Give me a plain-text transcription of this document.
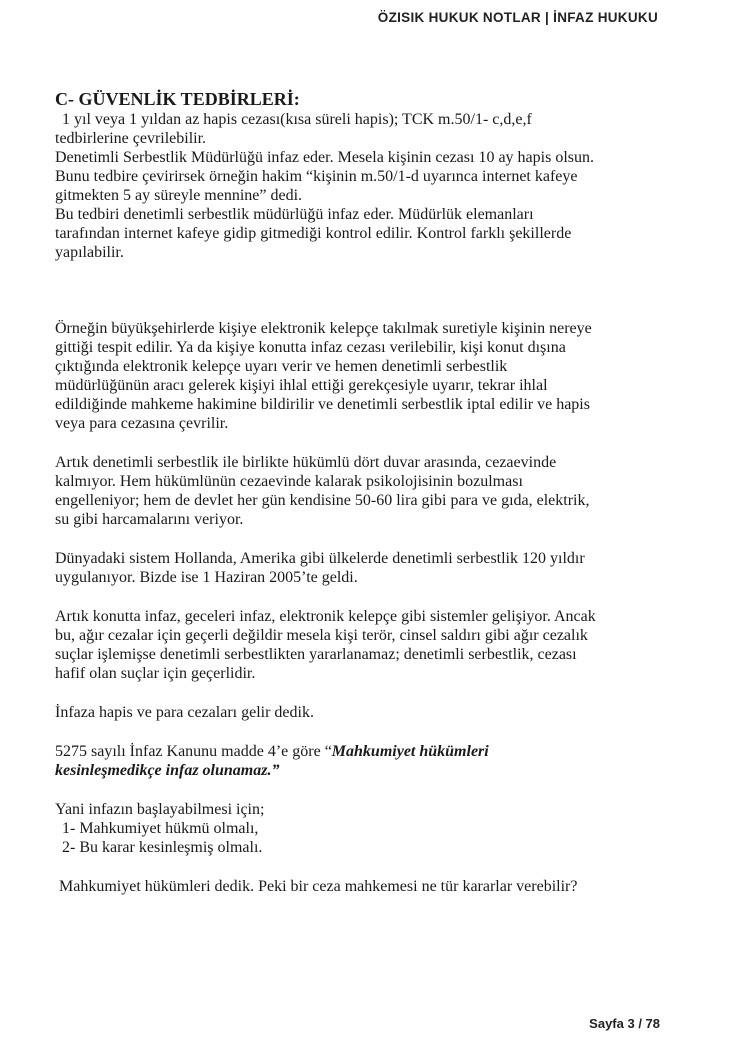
ÖZISIK HUKUK NOTLAR | İNFAZ HUKUKU
C- GÜVENLİK TEDBİRLERİ:
1 yıl veya 1 yıldan az hapis cezası(kısa süreli hapis); TCK m.50/1- c,d,e,f
tedbirlerine çevrilebilir.
Denetimli Serbestlik Müdürlüğü infaz eder. Mesela kişinin cezası 10 ay hapis olsun.
Bunu tedbire çevirirsek örneğin hakim “kişinin m.50/1-d uyarınca internet kafeye
gitmekten 5 ay süreyle mennine” dedi.
Bu tedbiri denetimli serbestlik müdürlüğü infaz eder. Müdürlük elemanları
tarafından internet kafeye gidip gitmediği kontrol edilir. Kontrol farklı şekillerde
yapılabilir.
Örneğin büyükşehirlerde kişiye elektronik kelepçe takılmak suretiyle kişinin nereye
gittiği tespit edilir. Ya da kişiye konutta infaz cezası verilebilir, kişi konut dışına
çıktığında elektronik kelepçe uyarı verir ve hemen denetimli serbestlik
müdürlüğünün aracı gelerek kişiyi ihlal ettiği gerekçesiyle uyarır, tekrar ihlal
edildiğinde mahkeme hakimine bildirilir ve denetimli serbestlik iptal edilir ve hapis
veya para cezasına çevrilir.
Artık denetimli serbestlik ile birlikte hükümlü dört duvar arasında, cezaevinde
kalmıyor. Hem hükümlünün cezaevinde kalarak psikolojisinin bozulması
engelleniyor; hem de devlet her gün kendisine 50-60 lira gibi para ve gıda, elektrik,
su gibi harcamalarını veriyor.
Dünyadaki sistem Hollanda, Amerika gibi ülkelerde denetimli serbestlik 120 yıldır
uygulanıyor. Bizde ise 1 Haziran 2005’te geldi.
Artık konutta infaz, geceleri infaz, elektronik kelepçe gibi sistemler gelişiyor. Ancak
bu, ağır cezalar için geçerli değildir mesela kişi terör, cinsel saldırı gibi ağır cezalık
suçlar işlemişse denetimli serbestlikten yararlanamaz; denetimli serbestlik, cezası
hafif olan suçlar için geçerlidir.
İnfaza hapis ve para cezaları gelir dedik.
5275 sayılı İnfaz Kanunu madde 4’e göre “Mahkumiyet hükümleri
kesinleşmedikçe infaz olunamaz.”
Yani infazın başlayabilmesi için;
1- Mahkumiyet hükmü olmalı,
2- Bu karar kesinleşmiş olmalı.
Mahkumiyet hükümleri dedik. Peki bir ceza mahkemesi ne tür kararlar verebilir?
Sayfa 3 / 78
